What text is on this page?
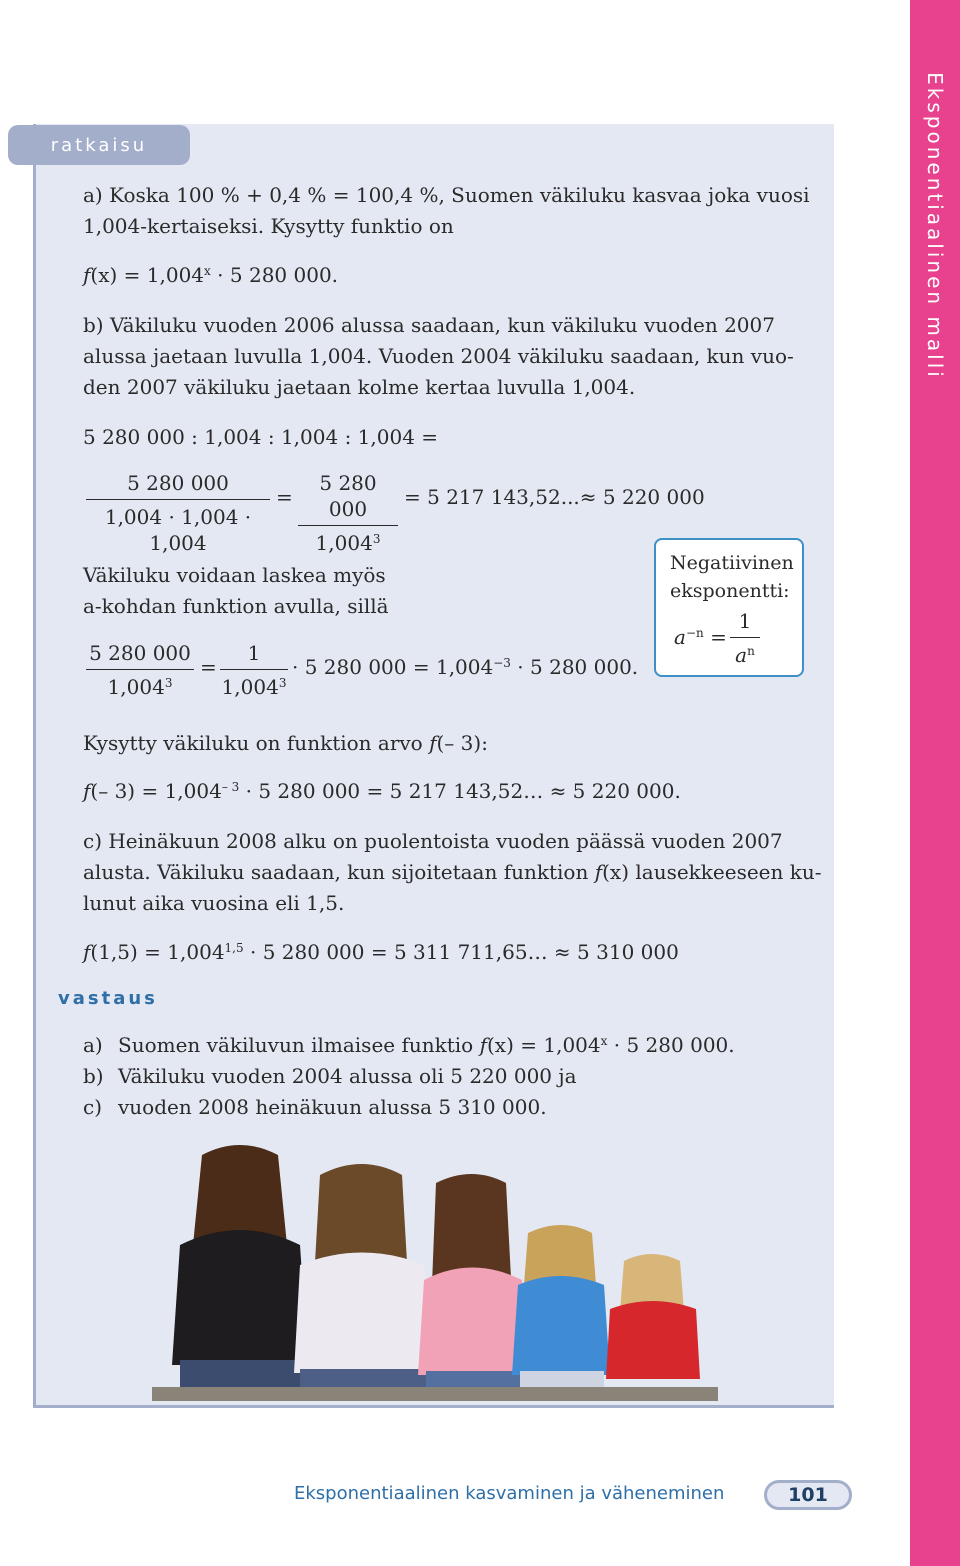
Eksponentiaalinen malli
ratkaisu
a) Koska 100 % + 0,4 % = 100,4 %, Suomen väkiluku kasvaa joka vuosi
1,004-kertaiseksi. Kysytty funktio on
$f(x) = 1,004^x \cdot 5$ 280 000.
b) Väkiluku vuoden 2006 alussa saadaan, kun väkiluku vuoden 2007
alussa jaetaan luvulla 1,004. Vuoden 2004 väkiluku saadaan, kun vuo-
den 2007 väkiluku jaetaan kolme kertaa luvulla 1,004.
5 280 000 : 1,004 : 1,004 : 1,004 =
$\frac{5 280 000}{1,004 \cdot 1,004 \cdot 1,004} = \frac{5 280 000}{1,004^3} = 5$ 217 143,52...≈ 5 220 000
Väkiluku voidaan laskea myös
a-kohdan funktion avulla, sillä
$\frac{5 280 000}{1,004^3} = \frac{1}{1,004^3} \cdot 5$ 280 $000 = 1,004^{-3} \cdot 5$ 280 000.
Negatiivinen
eksponentti:
$a^{-n} = \frac{1}{a^n}$
Kysytty väkiluku on funktion arvo f(– 3):
f(– $3) = 1,004^{- 3} \cdot 5$ 280 000 = 5 217 143,52… ≈ 5 220 000.
c) Heinäkuun 2008 alku on puolentoista vuoden päässä vuoden 2007
alusta. Väkiluku saadaan, kun sijoitetaan funktion f(x) lausekkeeseen ku-
lunut aika vuosina eli 1,5.
$f(1,5) = 1,004^{1,5} \cdot 5$ 280 000 = 5 311 711,65… ≈ 5 310 000
vastaus
a) Suomen väkiluvun ilmaisee funktio $f(x) = 1,004^x \cdot 5$ 280 000.
b) Väkiluku vuoden 2004 alussa oli 5 220 000 ja
c) vuoden 2008 heinäkuun alussa 5 310 000.
Eksponentiaalinen kasvaminen ja väheneminen	101
